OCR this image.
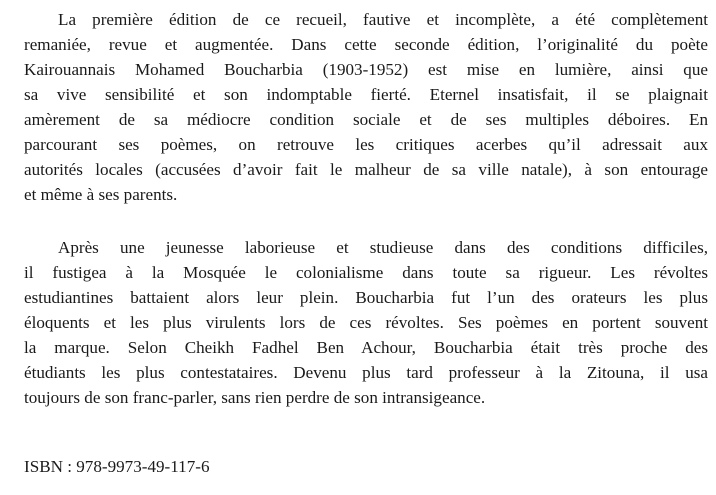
La première édition de ce recueil, fautive et incomplète, a été complètement
remaniée, revue et augmentée. Dans cette seconde édition, l’originalité du poète
Kairouannais Mohamed Boucharbia (1903-1952) est mise en lumière, ainsi que
sa vive sensibilité et son indomptable fierté. Eternel insatisfait, il se plaignait
amèrement de sa médiocre condition sociale et de ses multiples déboires. En
parcourant ses poèmes, on retrouve les critiques acerbes qu’il adressait aux
autorités locales (accusées d’avoir fait le malheur de sa ville natale), à son entourage
et même à ses parents.

Après une jeunesse laborieuse et studieuse dans des conditions difficiles,
il fustigea à la Mosquée le colonialisme dans toute sa rigueur. Les révoltes
estudiantines battaient alors leur plein. Boucharbia fut l’un des orateurs les plus
éloquents et les plus virulents lors de ces révoltes. Ses poèmes en portent souvent
la marque. Selon Cheikh Fadhel Ben Achour, Boucharbia était très proche des
étudiants les plus contestataires. Devenu plus tard professeur à la Zitouna, il usa
toujours de son franc-parler, sans rien perdre de son intransigeance.

ISBN : 978-9973-49-117-6
